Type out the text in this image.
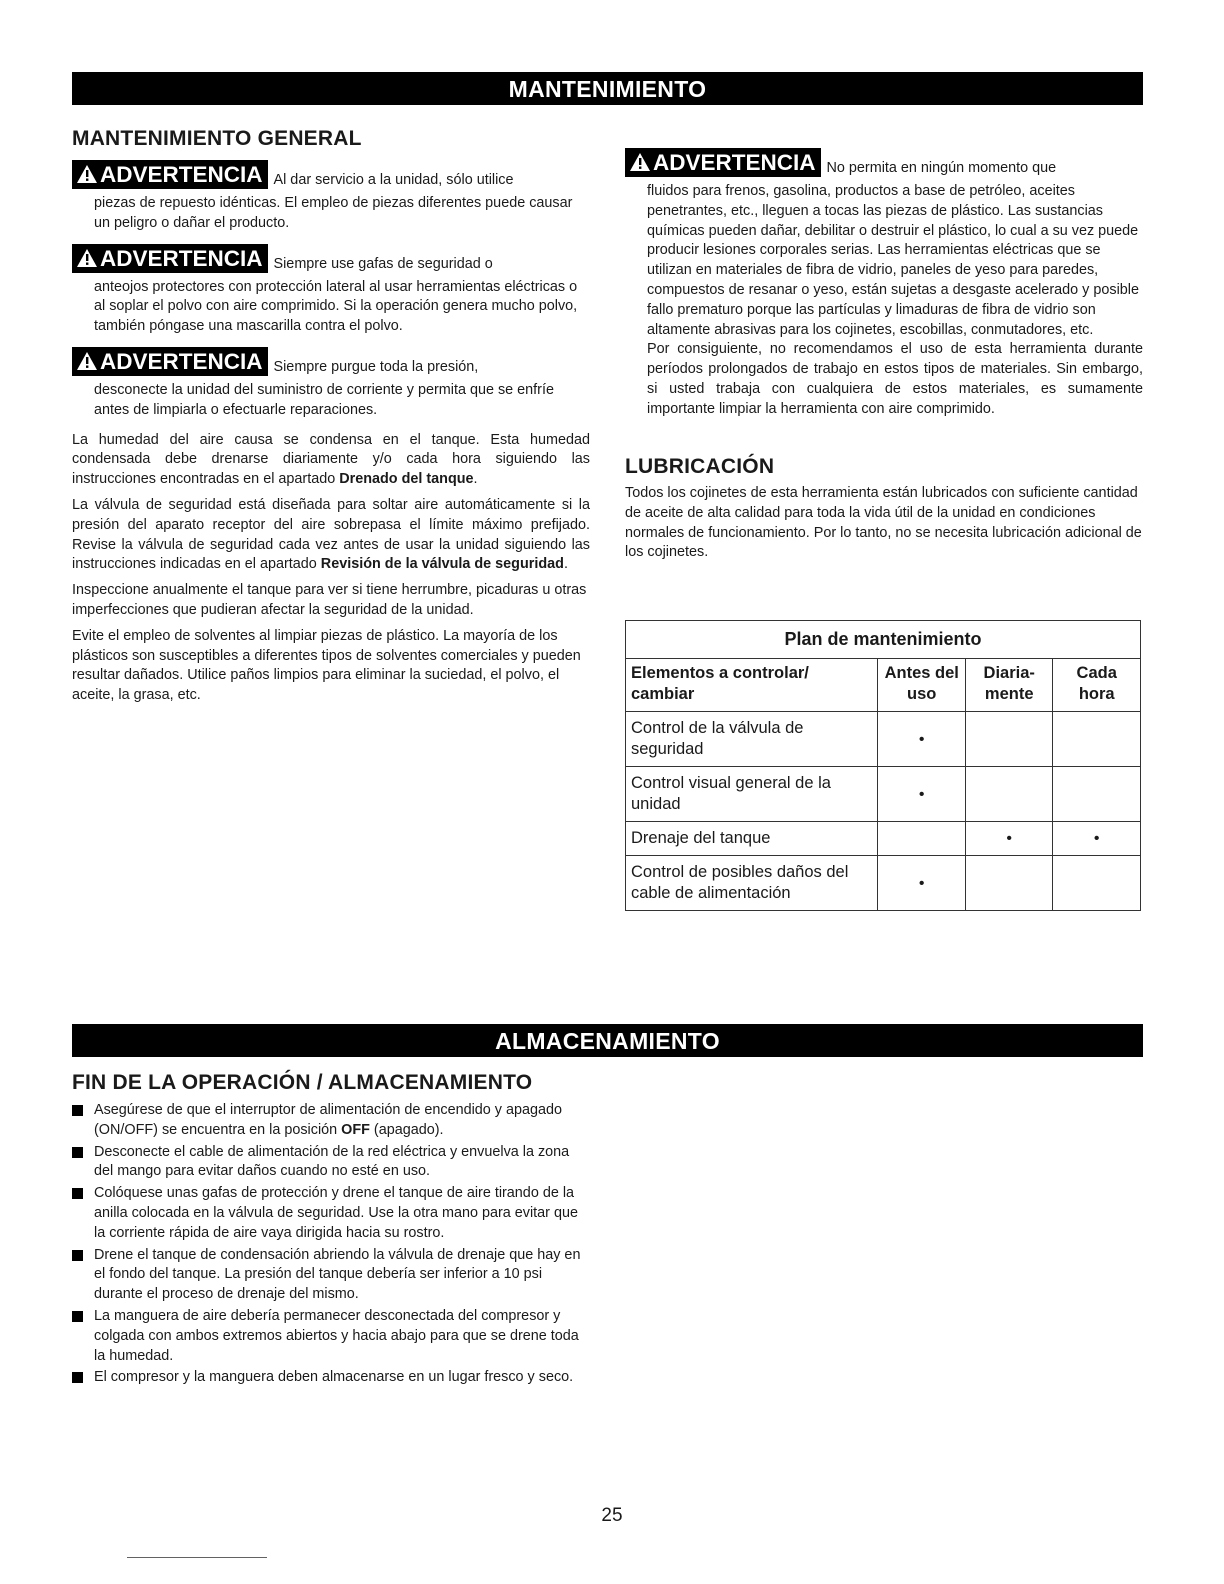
MANTENIMIENTO
MANTENIMIENTO GENERAL
ADVERTENCIA Al dar servicio a la unidad, sólo utilice
piezas de repuesto idénticas. El empleo de piezas diferentes puede causar un peligro o dañar el producto.
ADVERTENCIA Siempre use gafas de seguridad o
anteojos protectores con protección lateral al usar herramientas eléctricas o al soplar el polvo con aire comprimido. Si la operación genera mucho polvo, también póngase una mascarilla contra el polvo.
ADVERTENCIA Siempre purgue toda la presión,
desconecte la unidad del suministro de corriente y permita que se enfríe antes de limpiarla o efectuarle reparaciones.

La humedad del aire causa se condensa en el tanque. Esta humedad condensada debe drenarse diariamente y/o cada hora siguiendo las instrucciones encontradas en el apartado Drenado del tanque.

La válvula de seguridad está diseñada para soltar aire automáticamente si la presión del aparato receptor del aire sobrepasa el límite máximo prefijado. Revise la válvula de seguridad cada vez antes de usar la unidad siguiendo las instrucciones indicadas en el apartado Revisión de la válvula de seguridad.

Inspeccione anualmente el tanque para ver si tiene herrumbre, picaduras u otras imperfecciones que pudieran afectar la seguridad de la unidad.

Evite el empleo de solventes al limpiar piezas de plástico. La mayoría de los plásticos son susceptibles a diferentes tipos de solventes comerciales y pueden resultar dañados. Utilice paños limpios para eliminar la suciedad, el polvo, el aceite, la grasa, etc.

ADVERTENCIA No permita en ningún momento que
fluidos para frenos, gasolina, productos a base de petróleo, aceites penetrantes, etc., lleguen a tocas las piezas de plástico. Las sustancias químicas pueden dañar, debilitar o destruir el plástico, lo cual a su vez puede producir lesiones corporales serias. Las herramientas eléctricas que se utilizan en materiales de fibra de vidrio, paneles de yeso para paredes, compuestos de resanar o yeso, están sujetas a desgaste acelerado y posible fallo prematuro porque las partículas y limaduras de fibra de vidrio son altamente abrasivas para los cojinetes, escobillas, conmutadores, etc.
Por consiguiente, no recomendamos el uso de esta herramienta durante períodos prolongados de trabajo en estos tipos de materiales. Sin embargo, si usted trabaja con cualquiera de estos materiales, es sumamente importante limpiar la herramienta con aire comprimido.
LUBRICACIÓN
Todos los cojinetes de esta herramienta están lubricados con suficiente cantidad de aceite de alta calidad para toda la vida útil de la unidad en condiciones normales de funcionamiento. Por lo tanto, no se necesita lubricación adicional de los cojinetes.
Plan de mantenimiento			
Elementos a controlar/ cambiar	Antes del uso	Diaria- mente	Cada hora
Control de la válvula de seguridad	•		
Control visual general de la unidad	•		
Drenaje del tanque		•	•
Control de posibles daños del cable de alimentación	•		
ALMACENAMIENTO
FIN DE LA OPERACIÓN / ALMACENAMIENTO
Asegúrese de que el interruptor de alimentación de encendido y apagado (ON/OFF) se encuentra en la posición OFF (apagado).
Desconecte el cable de alimentación de la red eléctrica y envuelva la zona del mango para evitar daños cuando no esté en uso.
Colóquese unas gafas de protección y drene el tanque de aire tirando de la anilla colocada en la válvula de seguridad. Use la otra mano para evitar que la corriente rápida de aire vaya dirigida hacia su rostro.
Drene el tanque de condensación abriendo la válvula de drenaje que hay en el fondo del tanque. La presión del tanque debería ser inferior a 10 psi durante el proceso de drenaje del mismo.
La manguera de aire debería permanecer desconectada del compresor y colgada con ambos extremos abiertos y hacia abajo para que se drene toda la humedad.
El compresor y la manguera deben almacenarse en un lugar fresco y seco.
25
